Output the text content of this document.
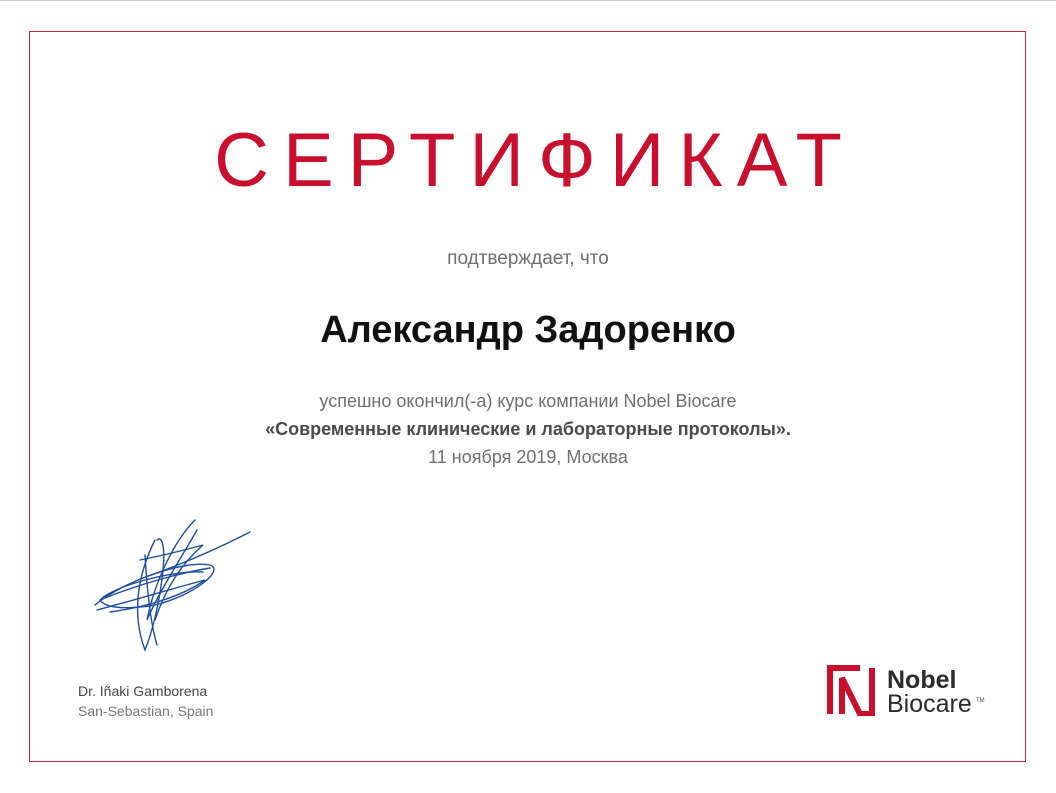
СЕРТИФИКАТ
подтверждает, что
Александр Задоренко
успешно окончил(-а) курс компании Nobel Biocare
«Современные клинические и лабораторные протоколы».
11 ноября 2019, Москва
Dr. Iñaki Gamborena
San-Sebastian, Spain
Nobel
Biocare TM
